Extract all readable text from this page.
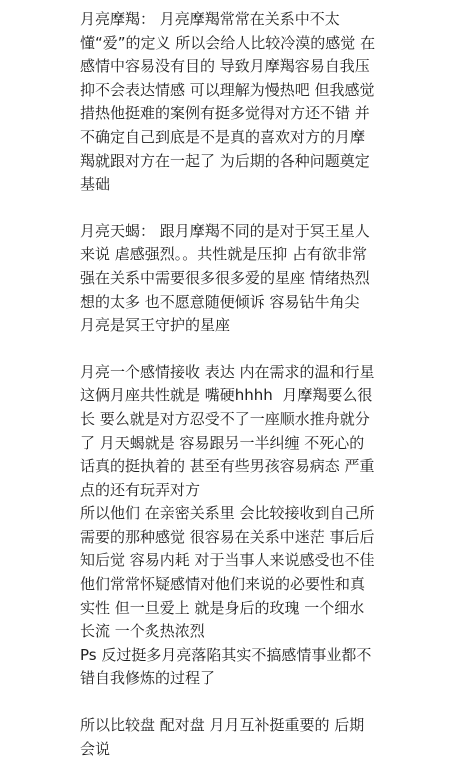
月亮摩羯： 月亮摩羯常常在关系中不太懂“爱”的定义 所以会给人比较冷漠的感觉 在感情中容易没有目的 导致月摩羯容易自我压抑不会表达情感 可以理解为慢热吧 但我感觉措热他挺难的案例有挺多觉得对方还不错 并不确定自己到底是不是真的喜欢对方的月摩羯就跟对方在一起了 为后期的各种问题奠定基础

月亮天蝎： 跟月摩羯不同的是对于冥王星人来说 虐感强烈。。共性就是压抑 占有欲非常强在关系中需要很多很多爱的星座 情绪热烈 想的太多 也不愿意随便倾诉 容易钻牛角尖 月亮是冥王守护的星座

月亮一个感情接收 表达 内在需求的温和行星 这俩月座共性就是 嘴硬hhhh  月摩羯要么很长 要么就是对方忍受不了一座顺水推舟就分了 月天蝎就是 容易跟另一半纠缠 不死心的话真的挺执着的 甚至有些男孩容易病态 严重点的还有玩弄对方

所以他们 在亲密关系里 会比较接收到自己所需要的那种感觉 很容易在关系中迷茫 事后后知后觉 容易内耗 对于当事人来说感受也不佳 他们常常怀疑感情对他们来说的必要性和真实性 但一旦爱上 就是身后的玫瑰 一个细水长流 一个炙热浓烈

Ps 反过挺多月亮落陷其实不搞感情事业都不错自我修炼的过程了

所以比较盘 配对盘 月月互补挺重要的 后期会说
